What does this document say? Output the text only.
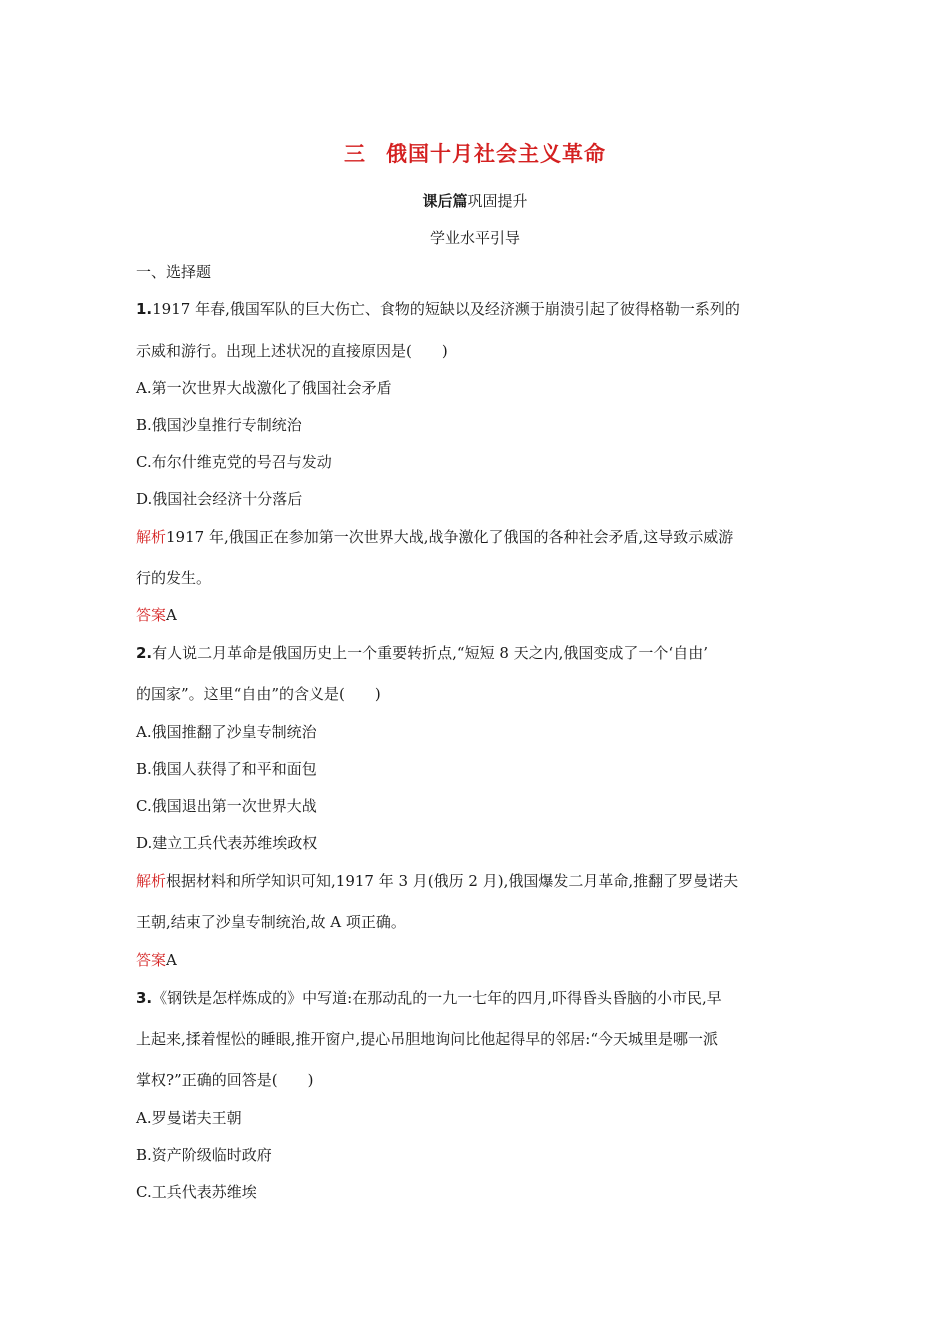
三 俄国十月社会主义革命
课后篇巩固提升
学业水平引导
一、选择题
1.1917 年春,俄国军队的巨大伤亡、食物的短缺以及经济濒于崩溃引起了彼得格勒一系列的
示威和游行。出现上述状况的直接原因是(　　)
A.第一次世界大战激化了俄国社会矛盾
B.俄国沙皇推行专制统治
C.布尔什维克党的号召与发动
D.俄国社会经济十分落后
解析1917 年,俄国正在参加第一次世界大战,战争激化了俄国的各种社会矛盾,这导致示威游
行的发生。
答案A
2.有人说二月革命是俄国历史上一个重要转折点,“短短 8 天之内,俄国变成了一个‘自由’
的国家”。这里“自由”的含义是(　　)
A.俄国推翻了沙皇专制统治
B.俄国人获得了和平和面包
C.俄国退出第一次世界大战
D.建立工兵代表苏维埃政权
解析根据材料和所学知识可知,1917 年 3 月(俄历 2 月),俄国爆发二月革命,推翻了罗曼诺夫
王朝,结束了沙皇专制统治,故 A 项正确。
答案A
3.《钢铁是怎样炼成的》中写道:在那动乱的一九一七年的四月,吓得昏头昏脑的小市民,早
上起来,揉着惺忪的睡眼,推开窗户,提心吊胆地询问比他起得早的邻居:“今天城里是哪一派
掌权?”正确的回答是(　　)
A.罗曼诺夫王朝
B.资产阶级临时政府
C.工兵代表苏维埃
